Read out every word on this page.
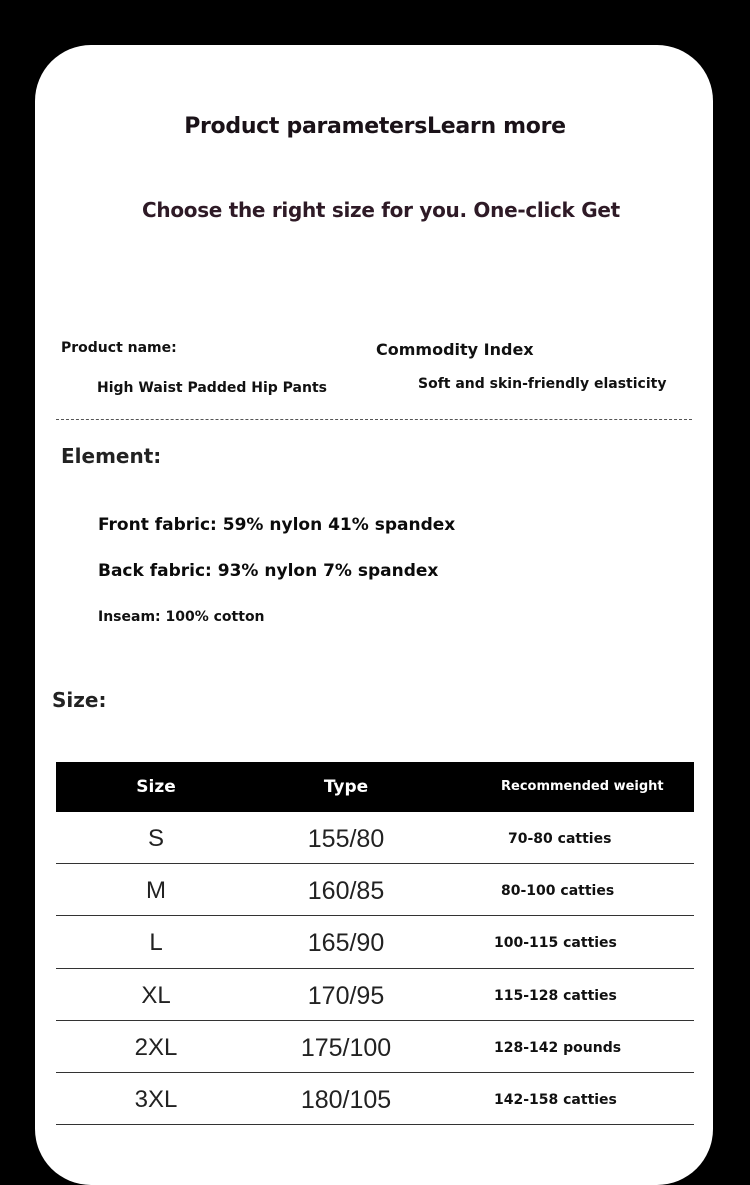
Product parametersLearn more
Choose the right size for you. One-click Get
Product name:	Commodity Index
High Waist Padded Hip Pants	Soft and skin-friendly elasticity
Element:
Front fabric: 59% nylon 41% spandex
Back fabric: 93% nylon 7% spandex
Inseam: 100% cotton
Size:
Size	Type	Recommended weight
S	155/80	70-80 catties
M	160/85	80-100 catties
L	165/90	100-115 catties
XL	170/95	115-128 catties
2XL	175/100	128-142 pounds
3XL	180/105	142-158 catties
